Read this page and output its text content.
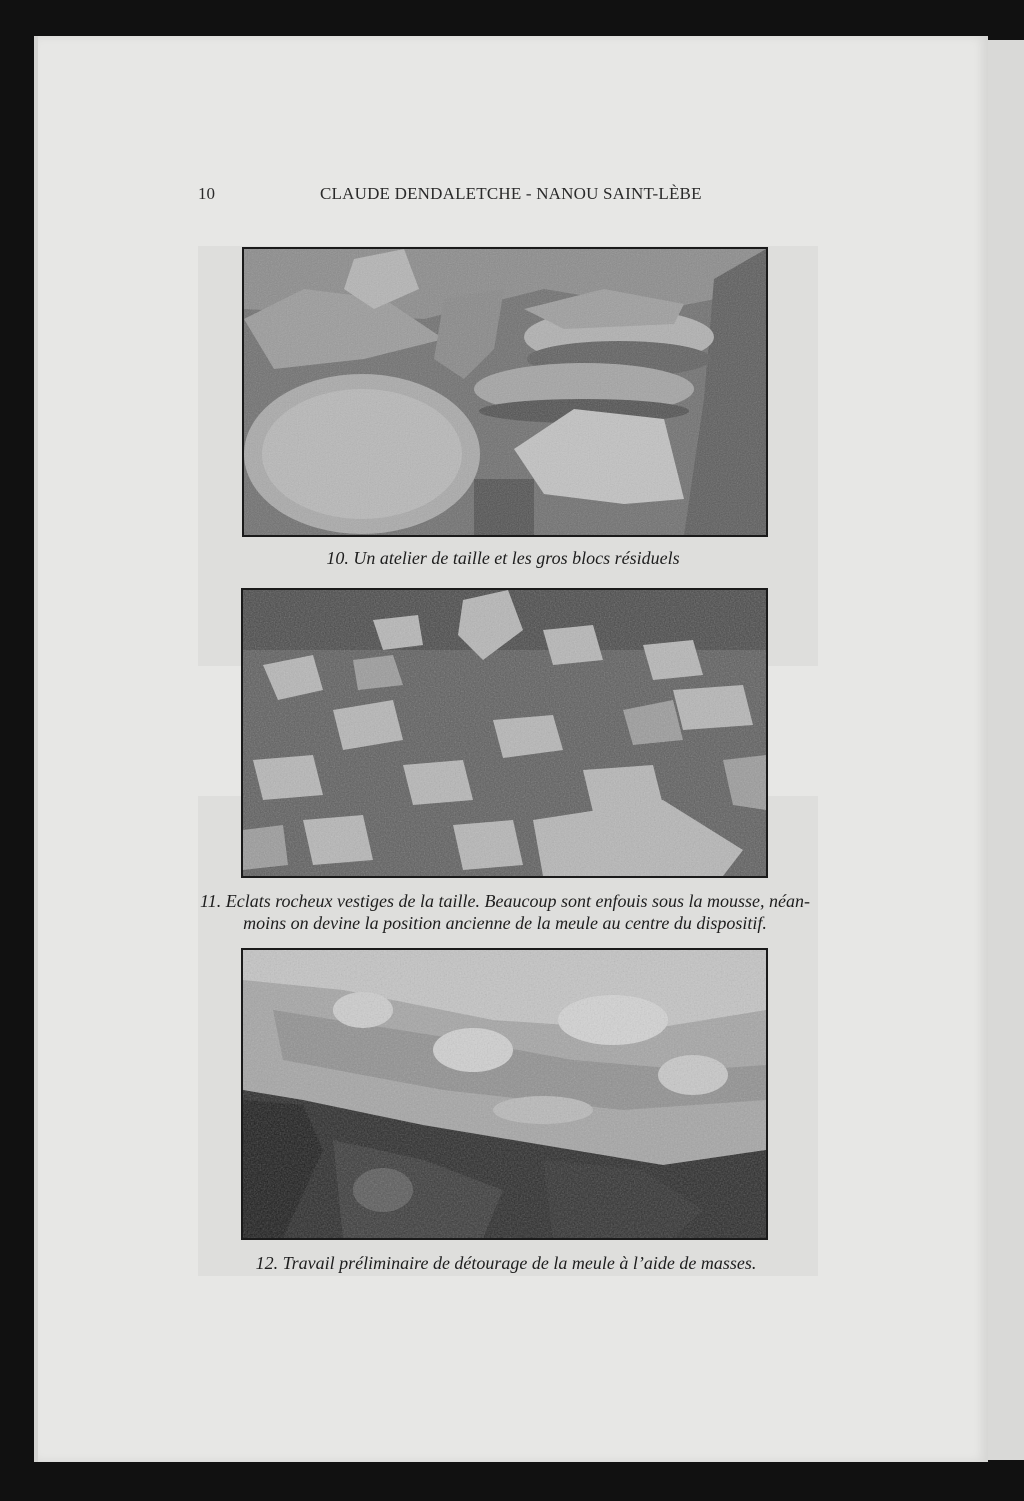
10	CLAUDE DENDALETCHE - NANOU SAINT-LÈBE
10. Un atelier de taille et les gros blocs résiduels
11. Eclats rocheux vestiges de la taille. Beaucoup sont enfouis sous la mousse, néan-
moins on devine la position ancienne de la meule au centre du dispositif.
12. Travail préliminaire de détourage de la meule à l’aide de masses.
